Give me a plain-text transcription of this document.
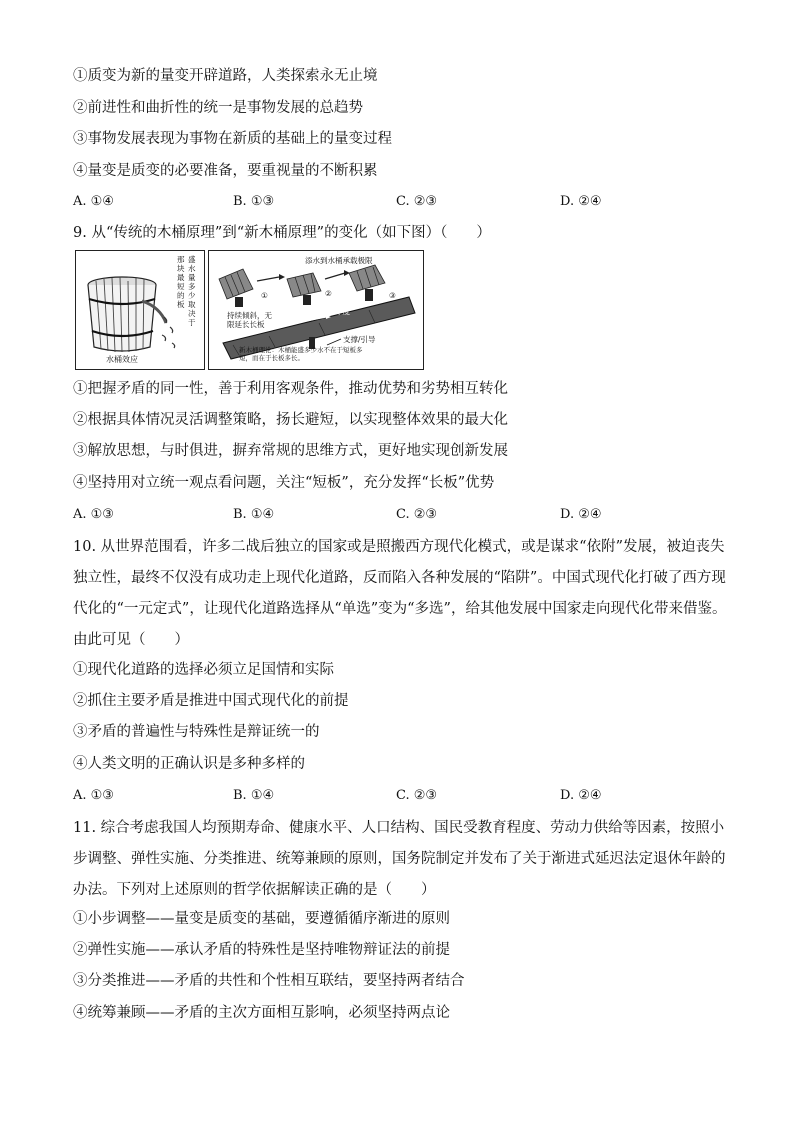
①质变为新的量变开辟道路，人类探索永无止境
②前进性和曲折性的统一是事物发展的总趋势
③事物发展表现为事物在新质的基础上的量变过程
④量变是质变的必要准备，要重视量的不断积累
A. ①④	B. ①③	C. ②③	D. ②④
9. 从“传统的木桶原理”到“新木桶原理”的变化（如下图）（　　）
盛
水
量
多
少
取
决
于
那
块
最
短
的
板
水桶效应
①	②	③
添水到水桶承载极限
持续倾斜，无限延长长板
永远大于零度
支撑/引导
新木桶理论：木桶能盛多少水不在于短板多短，而在于长板多长。
①把握矛盾的同一性，善于利用客观条件，推动优势和劣势相互转化
②根据具体情况灵活调整策略，扬长避短，以实现整体效果的最大化
③解放思想，与时俱进，摒弃常规的思维方式，更好地实现创新发展
④坚持用对立统一观点看问题，关注“短板”，充分发挥“长板”优势
A. ①③	B. ①④	C. ②③	D. ②④
10. 从世界范围看，许多二战后独立的国家或是照搬西方现代化模式，或是谋求“依附”发展，被迫丧失独立性，最终不仅没有成功走上现代化道路，反而陷入各种发展的“陷阱”。中国式现代化打破了西方现代化的“一元定式”，让现代化道路选择从“单选”变为“多选”，给其他发展中国家走向现代化带来借鉴。由此可见（　　）
①现代化道路的选择必须立足国情和实际
②抓住主要矛盾是推进中国式现代化的前提
③矛盾的普遍性与特殊性是辩证统一的
④人类文明的正确认识是多种多样的
A. ①③	B. ①④	C. ②③	D. ②④
11. 综合考虑我国人均预期寿命、健康水平、人口结构、国民受教育程度、劳动力供给等因素，按照小步调整、弹性实施、分类推进、统筹兼顾的原则，国务院制定并发布了关于渐进式延迟法定退休年龄的办法。下列对上述原则的哲学依据解读正确的是（　　）
①小步调整——量变是质变的基础，要遵循循序渐进的原则
②弹性实施——承认矛盾的特殊性是坚持唯物辩证法的前提
③分类推进——矛盾的共性和个性相互联结，要坚持两者结合
④统筹兼顾——矛盾的主次方面相互影响，必须坚持两点论
